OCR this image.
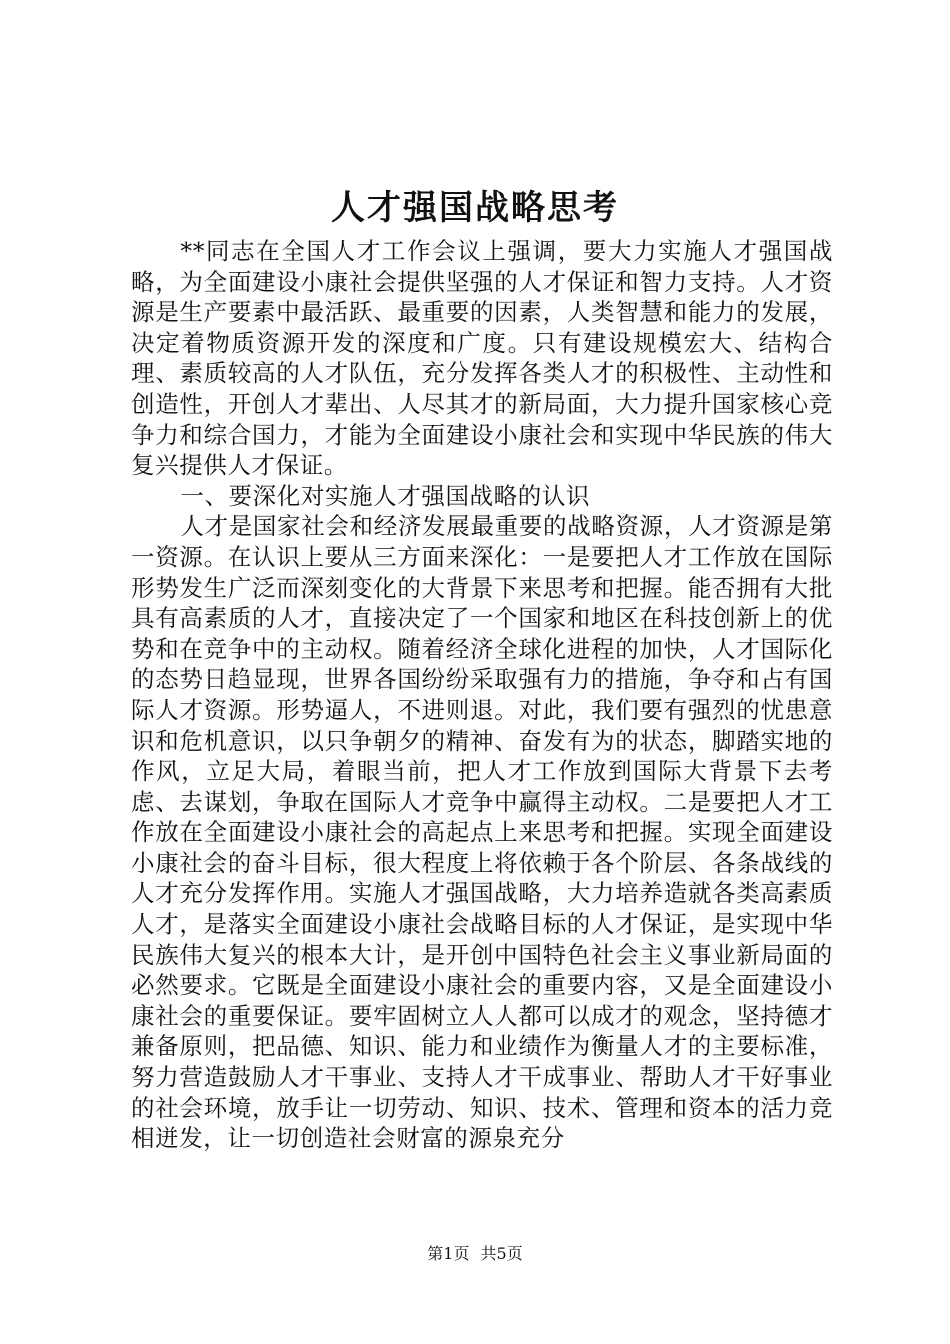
人才强国战略思考

**同志在全国人才工作会议上强调，要大力实施人才强国战略，为全面建设小康社会提供坚强的人才保证和智力支持。人才资源是生产要素中最活跃、最重要的因素，人类智慧和能力的发展，决定着物质资源开发的深度和广度。只有建设规模宏大、结构合理、素质较高的人才队伍，充分发挥各类人才的积极性、主动性和创造性，开创人才辈出、人尽其才的新局面，大力提升国家核心竞争力和综合国力，才能为全面建设小康社会和实现中华民族的伟大复兴提供人才保证。

一、要深化对实施人才强国战略的认识

人才是国家社会和经济发展最重要的战略资源，人才资源是第一资源。在认识上要从三方面来深化：一是要把人才工作放在国际形势发生广泛而深刻变化的大背景下来思考和把握。能否拥有大批具有高素质的人才，直接决定了一个国家和地区在科技创新上的优势和在竞争中的主动权。随着经济全球化进程的加快，人才国际化的态势日趋显现，世界各国纷纷采取强有力的措施，争夺和占有国际人才资源。形势逼人，不进则退。对此，我们要有强烈的忧患意识和危机意识，以只争朝夕的精神、奋发有为的状态，脚踏实地的作风，立足大局，着眼当前，把人才工作放到国际大背景下去考虑、去谋划，争取在国际人才竞争中赢得主动权。二是要把人才工作放在全面建设小康社会的高起点上来思考和把握。实现全面建设小康社会的奋斗目标，很大程度上将依赖于各个阶层、各条战线的人才充分发挥作用。实施人才强国战略，大力培养造就各类高素质人才，是落实全面建设小康社会战略目标的人才保证，是实现中华民族伟大复兴的根本大计，是开创中国特色社会主义事业新局面的必然要求。它既是全面建设小康社会的重要内容，又是全面建设小康社会的重要保证。要牢固树立人人都可以成才的观念，坚持德才兼备原则，把品德、知识、能力和业绩作为衡量人才的主要标准，努力营造鼓励人才干事业、支持人才干成事业、帮助人才干好事业的社会环境，放手让一切劳动、知识、技术、管理和资本的活力竞相迸发，让一切创造社会财富的源泉充分

第1页 共5页
